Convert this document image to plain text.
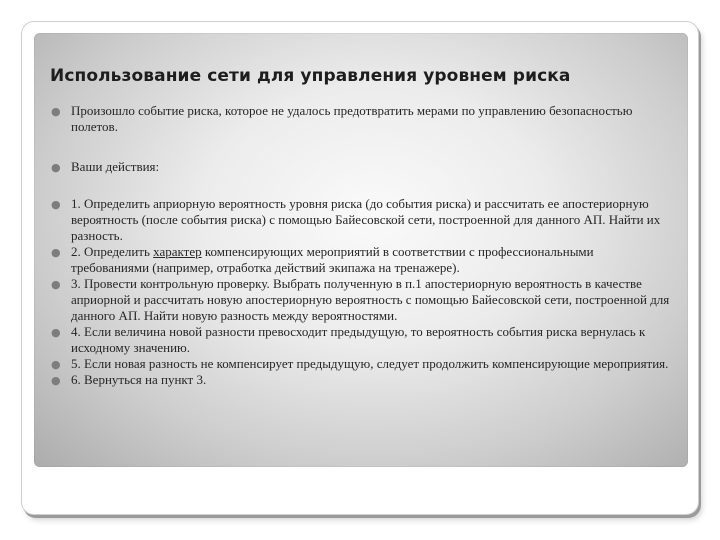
Использование сети для управления уровнем риска
● Произошло событие риска, которое не удалось предотвратить мерами по управлению безопасностью полетов.
● Ваши действия:
● 1. Определить априорную вероятность уровня риска (до события риска) и рассчитать ее апостериорную вероятность (после события риска) с помощью Байесовской сети, построенной для данного АП. Найти их разность.
● 2. Определить характер компенсирующих мероприятий в соответствии с профессиональными требованиями (например, отработка действий экипажа на тренажере).
● 3. Провести контрольную проверку. Выбрать полученную в п.1 апостериорную вероятность в качестве априорной и рассчитать новую апостериорную вероятность с помощью Байесовской сети, построенной для данного АП. Найти новую разность между вероятностями.
● 4. Если величина новой разности превосходит предыдущую, то вероятность события риска вернулась к исходному значению.
● 5. Если новая разность не компенсирует предыдущую, следует продолжить компенсирующие мероприятия.
● 6. Вернуться на пункт 3.
